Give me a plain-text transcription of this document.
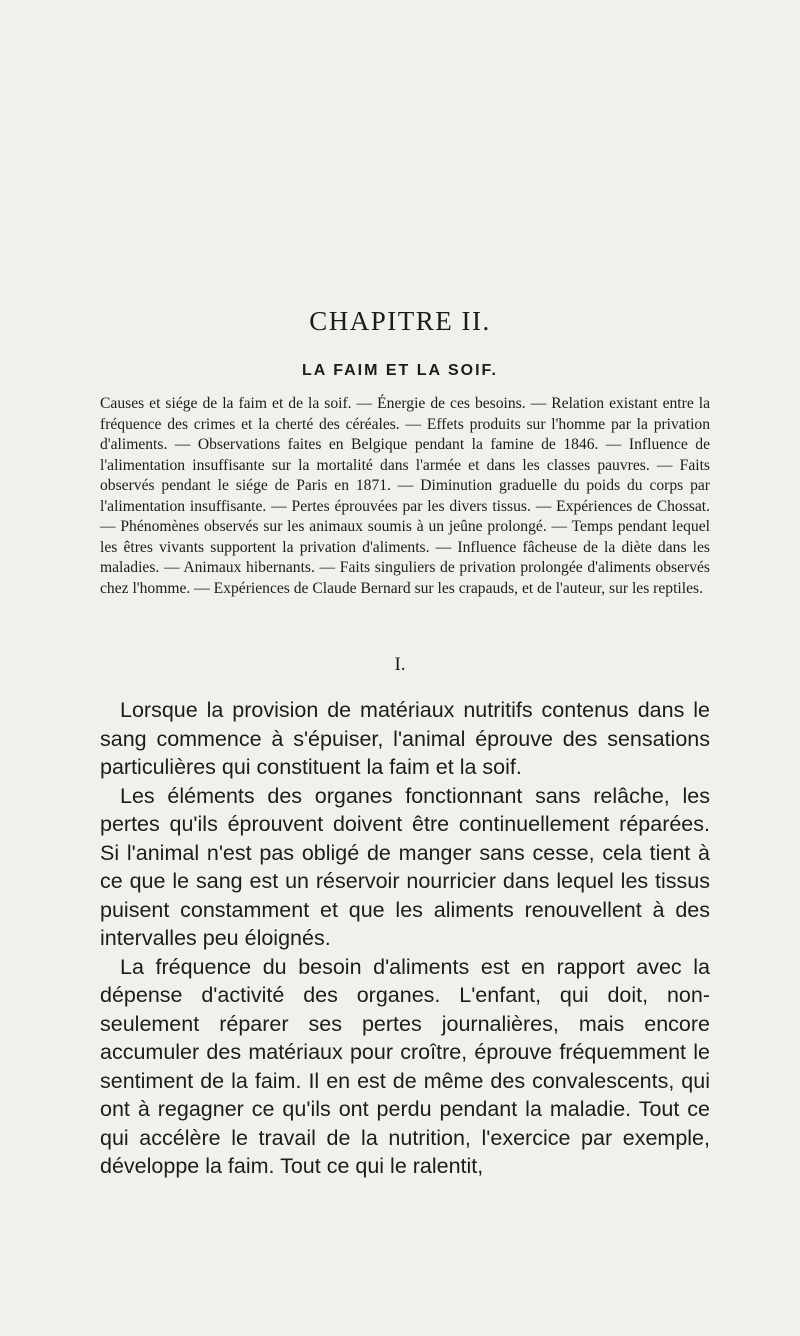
CHAPITRE II.
LA FAIM ET LA SOIF.

Causes et siége de la faim et de la soif. — Énergie de ces besoins. — Relation existant entre la fréquence des crimes et la cherté des céréales. — Effets produits sur l'homme par la privation d'aliments. — Observations faites en Belgique pendant la famine de 1846. — Influence de l'alimentation insuffisante sur la mortalité dans l'armée et dans les classes pauvres. — Faits observés pendant le siége de Paris en 1871. — Diminution graduelle du poids du corps par l'alimentation insuffisante. — Pertes éprouvées par les divers tissus. — Expériences de Chossat. — Phénomènes observés sur les animaux soumis à un jeûne prolongé. — Temps pendant lequel les êtres vivants supportent la privation d'aliments. — Influence fâcheuse de la diète dans les maladies. — Animaux hibernants. — Faits singuliers de privation prolongée d'aliments observés chez l'homme. — Expériences de Claude Bernard sur les crapauds, et de l'auteur, sur les reptiles.

I.

Lorsque la provision de matériaux nutritifs contenus dans le sang commence à s'épuiser, l'animal éprouve des sensations particulières qui constituent la faim et la soif.

Les éléments des organes fonctionnant sans relâche, les pertes qu'ils éprouvent doivent être continuellement réparées. Si l'animal n'est pas obligé de manger sans cesse, cela tient à ce que le sang est un réservoir nourricier dans lequel les tissus puisent constamment et que les aliments renouvellent à des intervalles peu éloignés.

La fréquence du besoin d'aliments est en rapport avec la dépense d'activité des organes. L'enfant, qui doit, non-seulement réparer ses pertes journalières, mais encore accumuler des matériaux pour croître, éprouve fréquemment le sentiment de la faim. Il en est de même des convalescents, qui ont à regagner ce qu'ils ont perdu pendant la maladie. Tout ce qui accélère le travail de la nutrition, l'exercice par exemple, développe la faim. Tout ce qui le ralentit,
